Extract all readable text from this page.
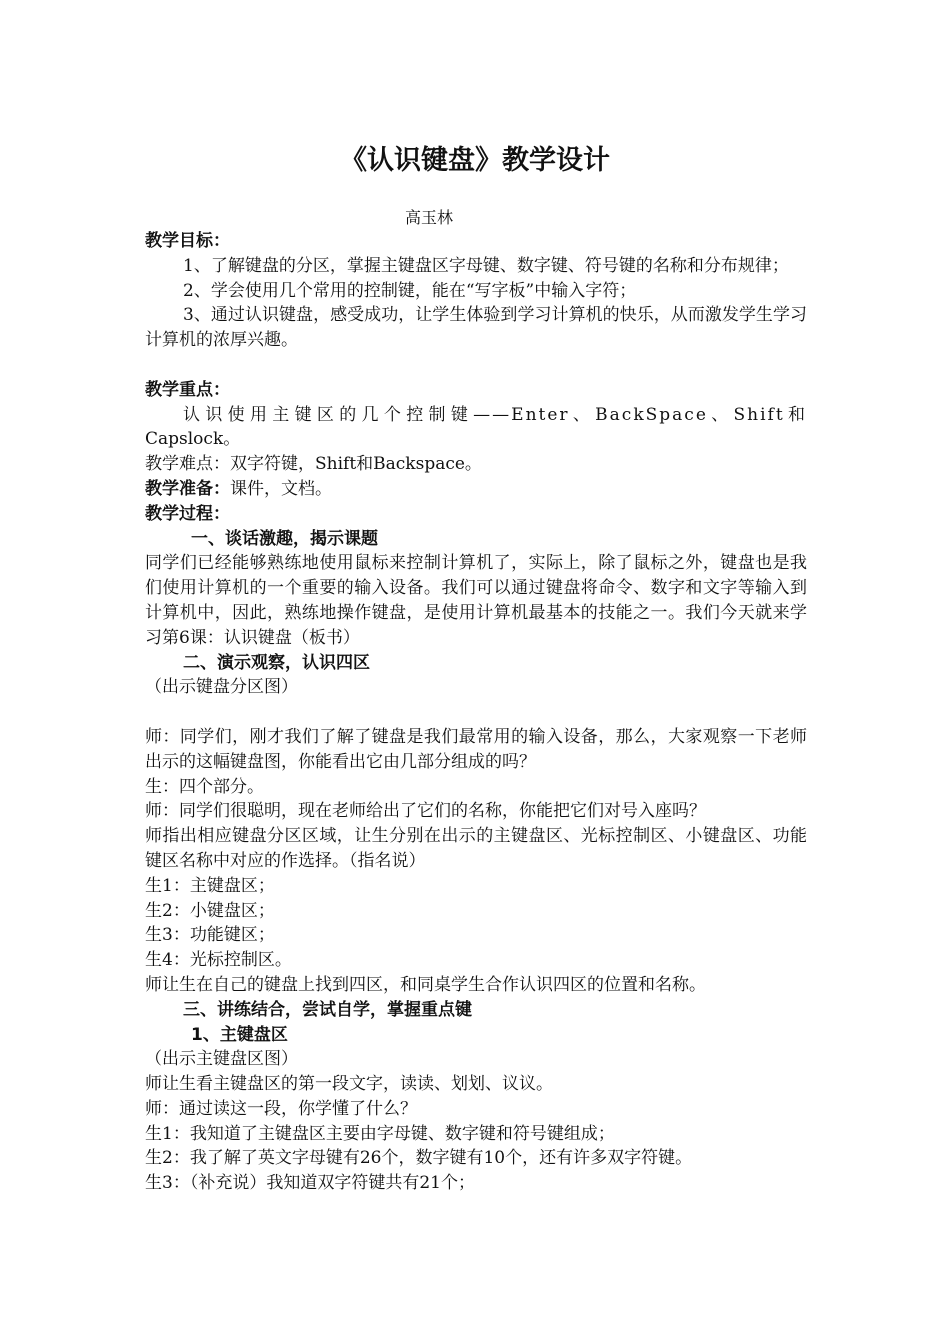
《认识键盘》教学设计
高玉林

教学目标：

1、了解键盘的分区，掌握主键盘区字母键、数字键、符号键的名称和分布规律；

2、学会使用几个常用的控制键，能在“写字板”中输入字符；

3、通过认识键盘，感受成功，让学生体验到学习计算机的快乐，从而激发学生学习计算机的浓厚兴趣。

教学重点：

认识使用主键区的几个控制键——Enter、BackSpace、Shift和

Capslock。

教学难点：双字符键，Shift和Backspace。

教学准备：课件，文档。

教学过程：

一、谈话激趣，揭示课题

同学们已经能够熟练地使用鼠标来控制计算机了，实际上，除了鼠标之外，键盘也是我们使用计算机的一个重要的输入设备。我们可以通过键盘将命令、数字和文字等输入到计算机中，因此，熟练地操作键盘，是使用计算机最基本的技能之一。我们今天就来学习第6课：认识键盘（板书）

二、演示观察，认识四区

（出示键盘分区图）

师：同学们，刚才我们了解了键盘是我们最常用的输入设备，那么，大家观察一下老师出示的这幅键盘图，你能看出它由几部分组成的吗？

生：四个部分。

师：同学们很聪明，现在老师给出了它们的名称，你能把它们对号入座吗？

师指出相应键盘分区区域，让生分别在出示的主键盘区、光标控制区、小键盘区、功能键区名称中对应的作选择。（指名说）

生1：主键盘区；

生2：小键盘区；

生3：功能键区；

生4：光标控制区。

师让生在自己的键盘上找到四区，和同桌学生合作认识四区的位置和名称。

三、讲练结合，尝试自学，掌握重点键

1、主键盘区

（出示主键盘区图）

师让生看主键盘区的第一段文字，读读、划划、议议。

师：通过读这一段，你学懂了什么？

生1：我知道了主键盘区主要由字母键、数字键和符号键组成；

生2：我了解了英文字母键有26个，数字键有10个，还有许多双字符键。

生3：（补充说）我知道双字符键共有21个；
